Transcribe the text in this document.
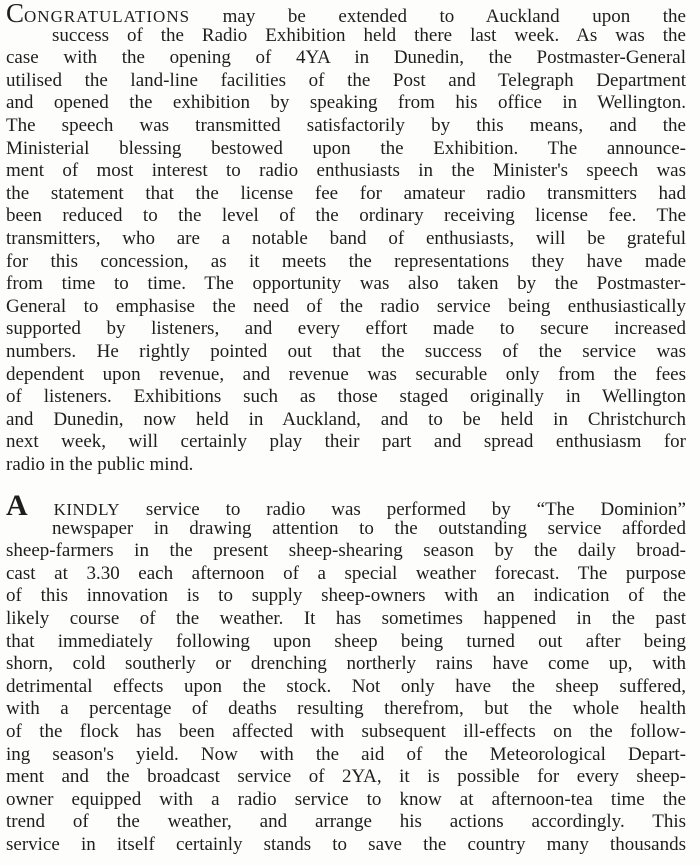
CONGRATULATIONS may be extended to Auckland upon the
success of the Radio Exhibition held there last week. As was the
case with the opening of 4YA in Dunedin, the Postmaster-General
utilised the land-line facilities of the Post and Telegraph Department
and opened the exhibition by speaking from his office in Wellington.
The speech was transmitted satisfactorily by this means, and the
Ministerial blessing bestowed upon the Exhibition. The announce-
ment of most interest to radio enthusiasts in the Minister's speech was
the statement that the license fee for amateur radio transmitters had
been reduced to the level of the ordinary receiving license fee. The
transmitters, who are a notable band of enthusiasts, will be grateful
for this concession, as it meets the representations they have made
from time to time. The opportunity was also taken by the Postmaster-
General to emphasise the need of the radio service being enthusiastically
supported by listeners, and every effort made to secure increased
numbers. He rightly pointed out that the success of the service was
dependent upon revenue, and revenue was securable only from the fees
of listeners. Exhibitions such as those staged originally in Wellington
and Dunedin, now held in Auckland, and to be held in Christchurch
next week, will certainly play their part and spread enthusiasm for
radio in the public mind.
A KINDLY service to radio was performed by “The Dominion”
newspaper in drawing attention to the outstanding service afforded
sheep-farmers in the present sheep-shearing season by the daily broad-
cast at 3.30 each afternoon of a special weather forecast. The purpose
of this innovation is to supply sheep-owners with an indication of the
likely course of the weather. It has sometimes happened in the past
that immediately following upon sheep being turned out after being
shorn, cold southerly or drenching northerly rains have come up, with
detrimental effects upon the stock. Not only have the sheep suffered,
with a percentage of deaths resulting therefrom, but the whole health
of the flock has been affected with subsequent ill-effects on the follow-
ing season's yield. Now with the aid of the Meteorological Depart-
ment and the broadcast service of 2YA, it is possible for every sheep-
owner equipped with a radio service to know at afternoon-tea time the
trend of the weather, and arrange his actions accordingly. This
service in itself certainly stands to save the country many thousands
